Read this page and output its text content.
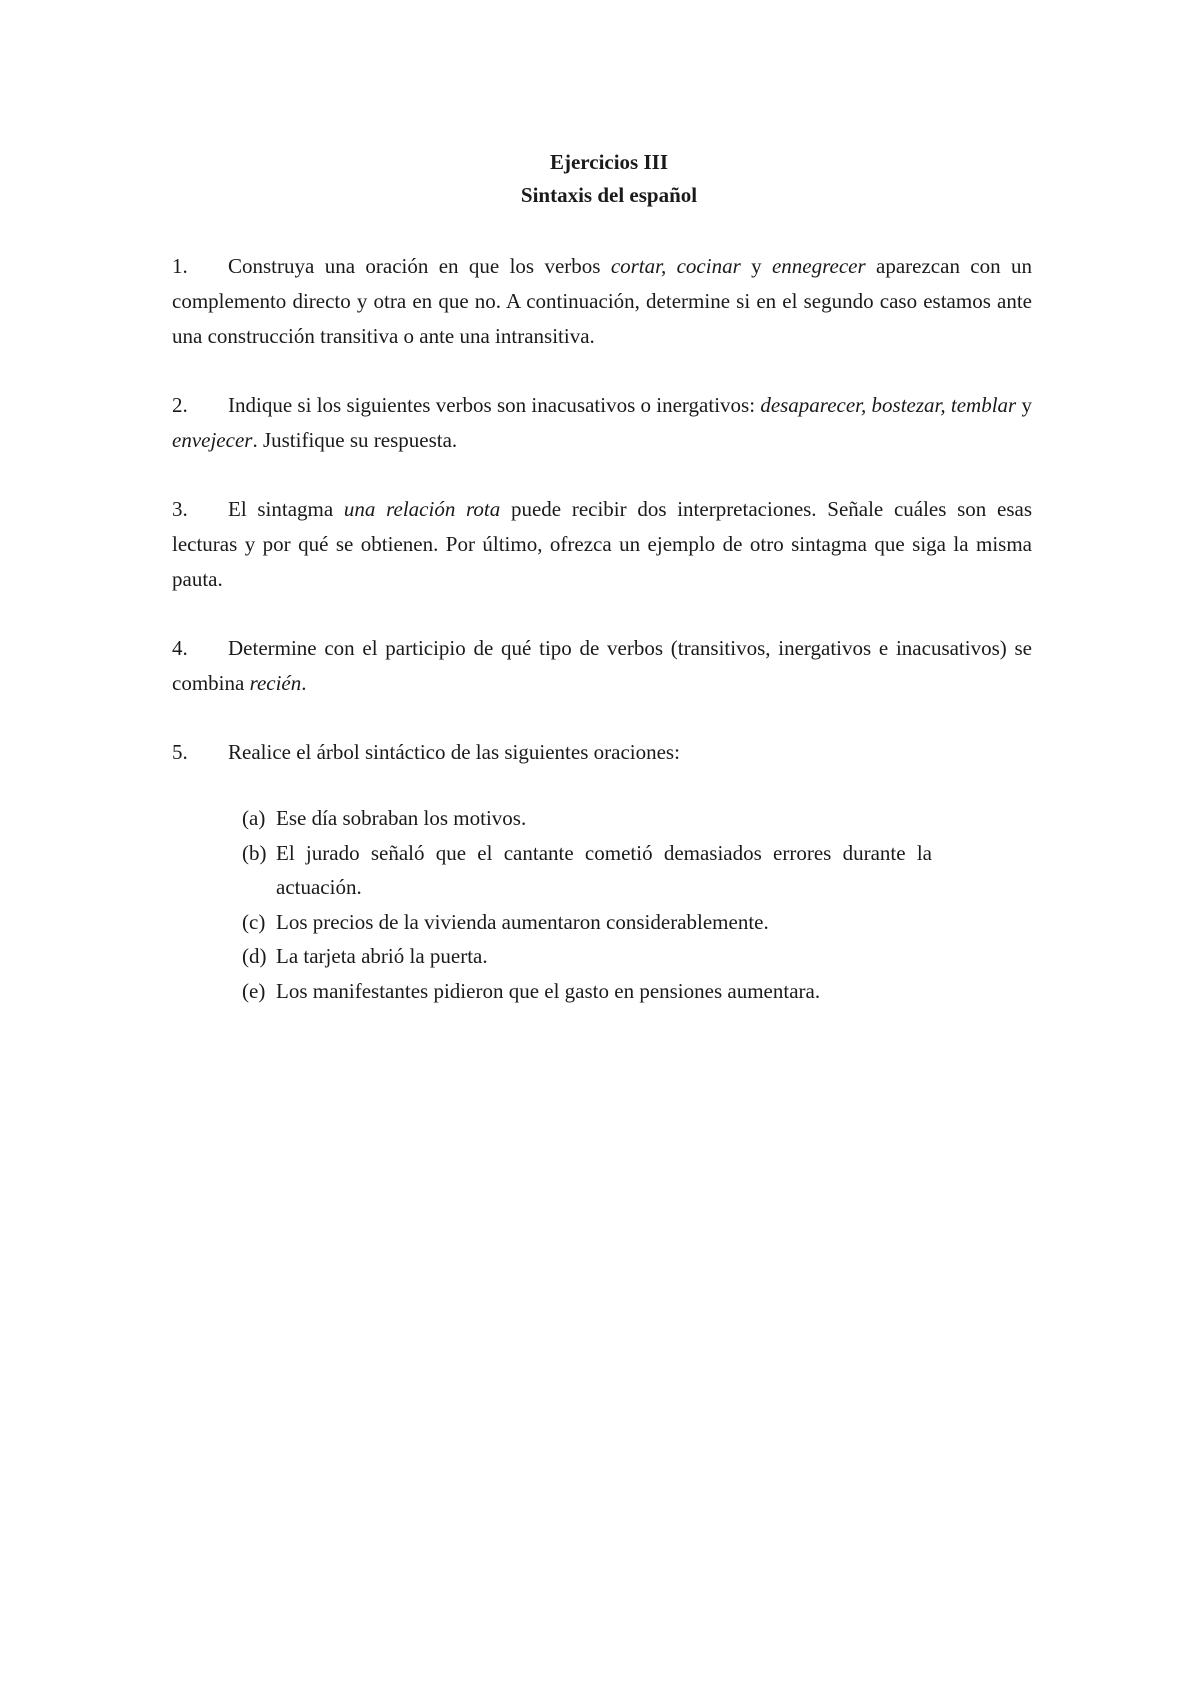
Ejercicios III
Sintaxis del español
1. Construya una oración en que los verbos cortar, cocinar y ennegrecer aparezcan con un complemento directo y otra en que no. A continuación, determine si en el segundo caso estamos ante una construcción transitiva o ante una intransitiva.
2. Indique si los siguientes verbos son inacusativos o inergativos: desaparecer, bostezar, temblar y envejecer. Justifique su respuesta.
3. El sintagma una relación rota puede recibir dos interpretaciones. Señale cuáles son esas lecturas y por qué se obtienen. Por último, ofrezca un ejemplo de otro sintagma que siga la misma pauta.
4. Determine con el participio de qué tipo de verbos (transitivos, inergativos e inacusativos) se combina recién.
5. Realice el árbol sintáctico de las siguientes oraciones:
(a) Ese día sobraban los motivos.
(b) El jurado señaló que el cantante cometió demasiados errores durante la actuación.
(c) Los precios de la vivienda aumentaron considerablemente.
(d) La tarjeta abrió la puerta.
(e) Los manifestantes pidieron que el gasto en pensiones aumentara.
